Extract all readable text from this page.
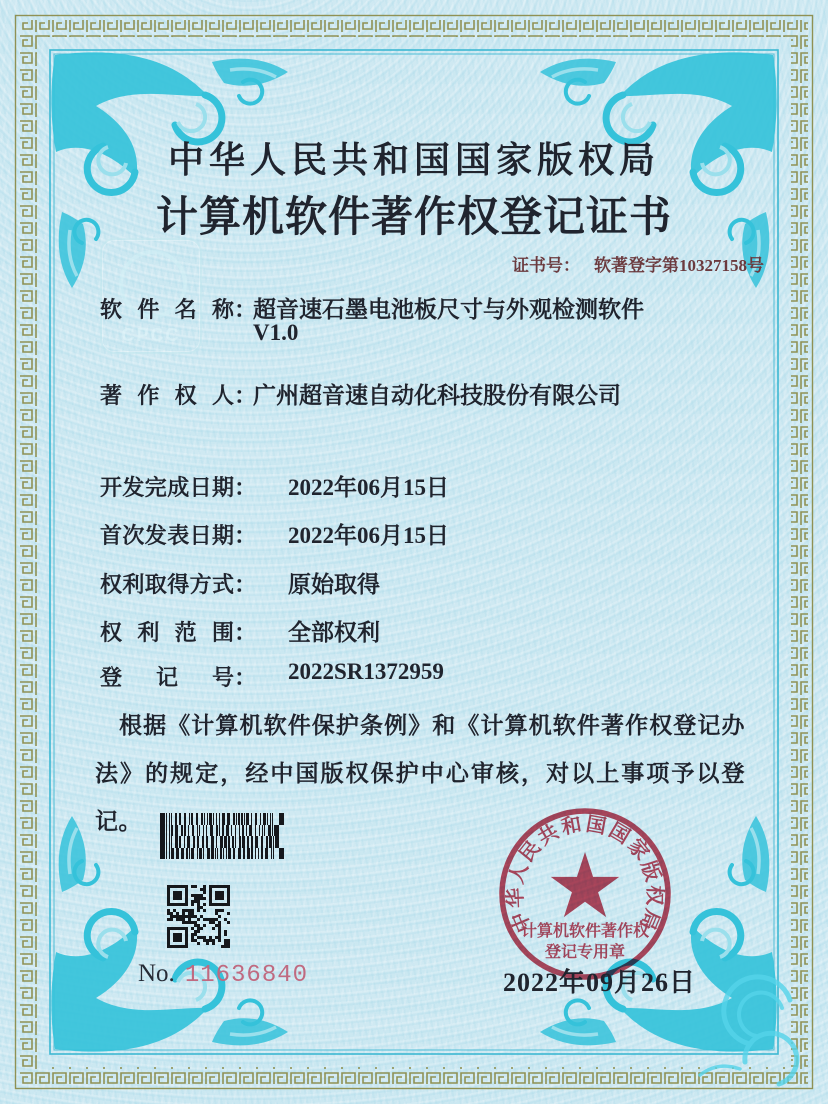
CPCC
中华人民共和国国家版权局
计算机软件著作权登记证书
证书号： 软著登字第10327158号
软件名称：
超音速石墨电池板尺寸与外观检测软件
V1.0
著作权人：
广州超音速自动化科技股份有限公司
开发完成日期： 2022年06月15日
首次发表日期： 2022年06月15日
权利取得方式： 原始取得
权利范围： 全部权利
登记号： 2022SR1372959
根据《计算机软件保护条例》和《计算机软件著作权登记办法》的规定，经中国版权保护中心审核，对以上事项予以登记。
No. 11636840
中华人民共和国国家版权局
计算机软件著作权
登记专用章
2022年09月26日
